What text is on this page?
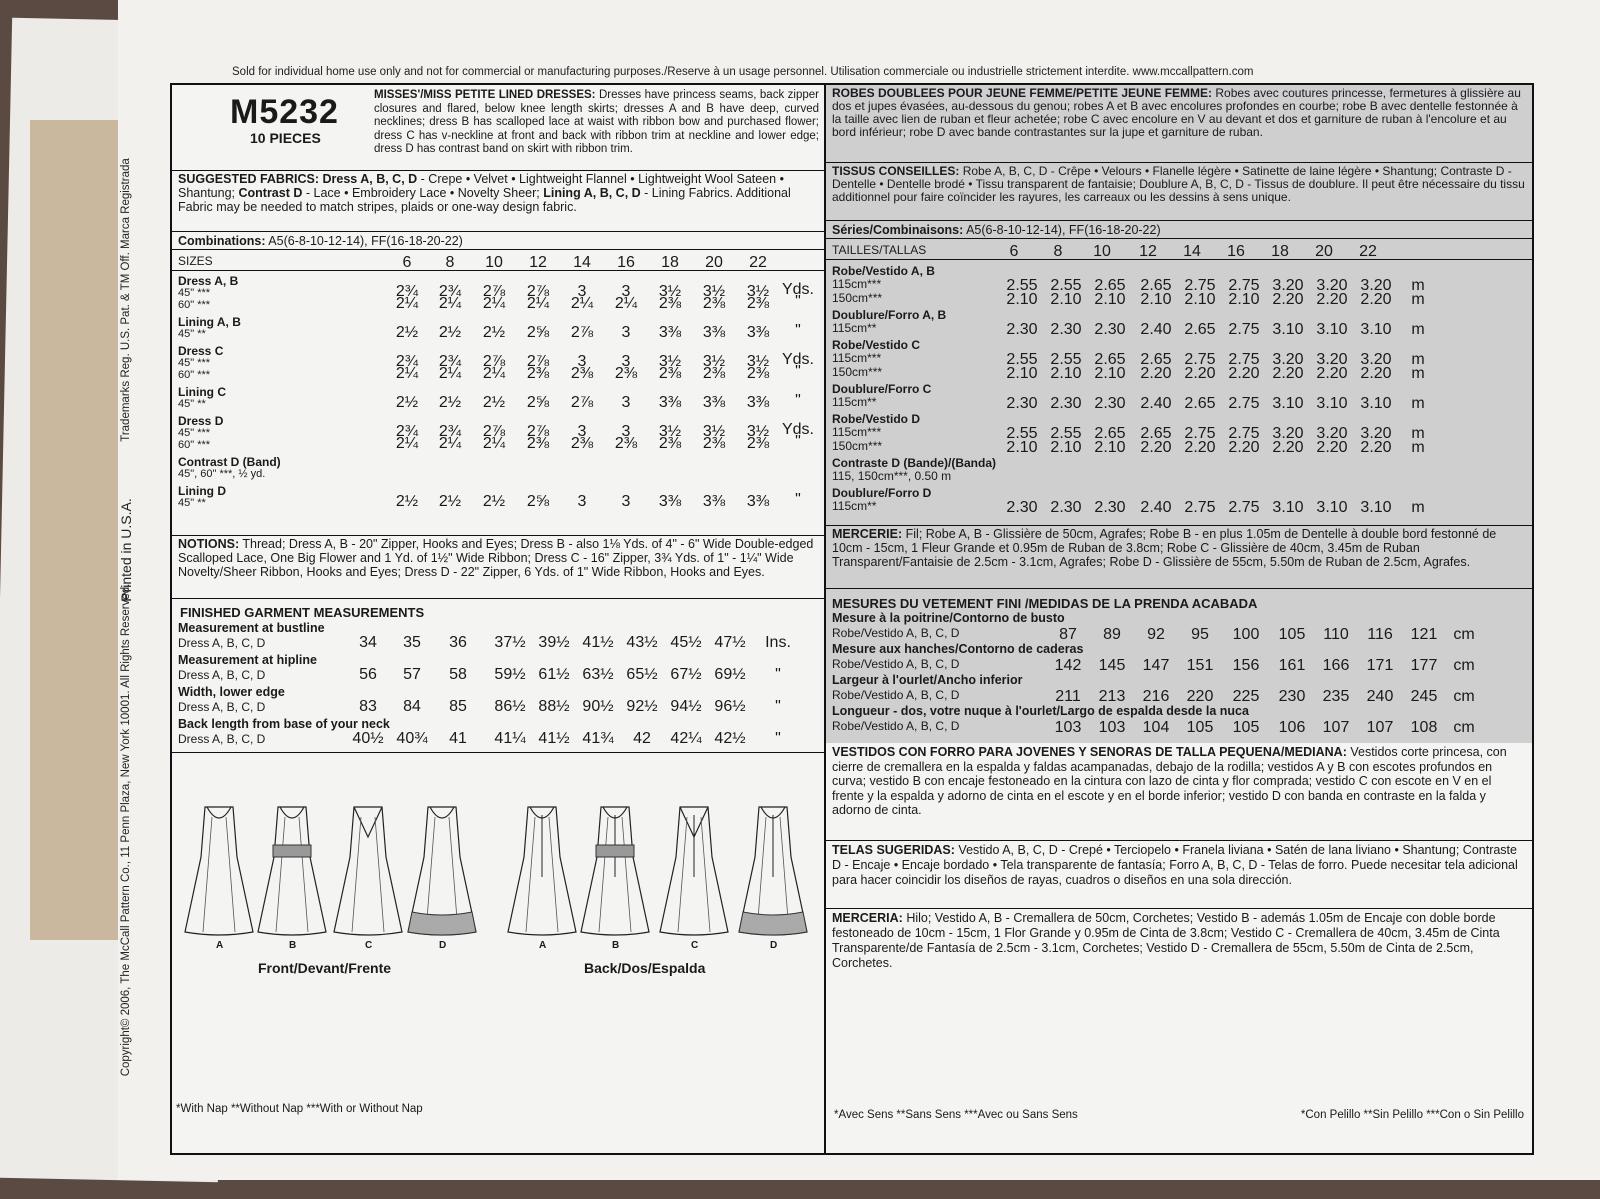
Sold for individual home use only and not for commercial or manufacturing purposes./Reserve à un usage personnel. Utilisation commerciale ou industrielle strictement interdite. www.mccallpattern.com
Copyright© 2006, The McCall Pattern Co., 11 Penn Plaza, New York 10001. All Rights Reserved.
Printed in U.S.A.
Trademarks Reg. U.S. Pat. & TM Off. Marca Registrada
M5232
10 PIECES
MISSES'/MISS PETITE LINED DRESSES: Dresses have princess seams, back zipper closures and flared, below knee length skirts; dresses A and B have deep, curved necklines; dress B has scalloped lace at waist with ribbon bow and purchased flower; dress C has v-neckline at front and back with ribbon trim at neckline and lower edge; dress D has contrast band on skirt with ribbon trim.
SUGGESTED FABRICS: Dress A, B, C, D - Crepe • Velvet • Lightweight Flannel • Lightweight Wool Sateen • Shantung; Contrast D - Lace • Embroidery Lace • Novelty Sheer; Lining A, B, C, D - Lining Fabrics. Additional Fabric may be needed to match stripes, plaids or one-way design fabric.
Combinations: A5(6-8-10-12-14), FF(16-18-20-22)
SIZES	6	8	10	12	14	16	18	20	22
Dress A, B
45" ***	2¾	2¾	2⅞	2⅞	3	3	3½	3½	3½ Yds.
60" ***	2¼	2¼	2¼	2¼	2¼	2¼	2⅜	2⅜	2⅜	"
Lining A, B
45" **	2½	2½	2½	2⅝	2⅞	3	3⅜	3⅜	3⅜	"
Dress C
45" ***	2¾	2¾	2⅞	2⅞	3	3	3½	3½	3½ Yds.
60" ***	2¼	2¼	2¼	2⅜	2⅜	2⅜	2⅜	2⅜	2⅜	"
Lining C
45" **	2½	2½	2½	2⅝	2⅞	3	3⅜	3⅜	3⅜	"
Dress D
45" ***	2¾	2¾	2⅞	2⅞	3	3	3½	3½	3½ Yds.
60" ***	2¼	2¼	2¼	2⅜	2⅜	2⅜	2⅜	2⅜	2⅜	"
Contrast D (Band)
45", 60" ***, ½ yd.
Lining D
45" **	2½	2½	2½	2⅝	3	3	3⅜	3⅜	3⅜	"
NOTIONS: Thread; Dress A, B - 20" Zipper, Hooks and Eyes; Dress B - also 1⅛ Yds. of 4" - 6" Wide Double-edged Scalloped Lace, One Big Flower and 1 Yd. of 1½" Wide Ribbon; Dress C - 16" Zipper, 3¾ Yds. of 1" - 1¼" Wide Novelty/Sheer Ribbon, Hooks and Eyes; Dress D - 22" Zipper, 6 Yds. of 1" Wide Ribbon, Hooks and Eyes.
FINISHED GARMENT MEASUREMENTS
Measurement at bustline
Dress A, B, C, D	34	35	36	37½ 39½ 41½ 43½ 45½ 47½	Ins.
Measurement at hipline
Dress A, B, C, D	56	57	58	59½ 61½ 63½ 65½ 67½ 69½	"
Width, lower edge
Dress A, B, C, D	83	84	85	86½ 88½ 90½ 92½ 94½ 96½	"
Back length from base of your neck
Dress A, B, C, D	40½ 40¾	41	41¼ 41½ 41¾	42	42¼ 42½	"
A	B	C	D	A	B	C	D
Front/Devant/Frente	Back/Dos/Espalda
*With Nap **Without Nap ***With or Without Nap
ROBES DOUBLEES POUR JEUNE FEMME/PETITE JEUNE FEMME: Robes avec coutures princesse, fermetures à glissière au dos et jupes évasées, au-dessous du genou; robes A et B avec encolures profondes en courbe; robe B avec dentelle festonnée à la taille avec lien de ruban et fleur achetée; robe C avec encolure en V au devant et dos et garniture de ruban à l'encolure et au bord inférieur; robe D avec bande contrastantes sur la jupe et garniture de ruban.
TISSUS CONSEILLES: Robe A, B, C, D - Crêpe • Velours • Flanelle légère • Satinette de laine légère • Shantung; Contraste D - Dentelle • Dentelle brodé • Tissu transparent de fantaisie; Doublure A, B, C, D - Tissus de doublure. Il peut être nécessaire du tissu additionnel pour faire coïncider les rayures, les carreaux ou les dessins à sens unique.
Séries/Combinaisons: A5(6-8-10-12-14), FF(16-18-20-22)
TAILLES/TALLAS	6	8	10	12	14	16	18	20	22
Robe/Vestido A, B
115cm***	2.55 2.55 2.65 2.65 2.75 2.75 3.20 3.20 3.20	m
150cm***	2.10 2.10 2.10 2.10 2.10 2.10 2.20 2.20 2.20	m
Doublure/Forro A, B
115cm**	2.30 2.30 2.30 2.40 2.65 2.75 3.10 3.10 3.10	m
Robe/Vestido C
115cm***	2.55 2.55 2.65 2.65 2.75 2.75 3.20 3.20 3.20	m
150cm***	2.10 2.10 2.10 2.20 2.20 2.20 2.20 2.20 2.20	m
Doublure/Forro C
115cm**	2.30 2.30 2.30 2.40 2.65 2.75 3.10 3.10 3.10	m
Robe/Vestido D
115cm***	2.55 2.55 2.65 2.65 2.75 2.75 3.20 3.20 3.20	m
150cm***	2.10 2.10 2.10 2.20 2.20 2.20 2.20 2.20 2.20	m
Contraste D (Bande)/(Banda)
115, 150cm***, 0.50 m
Doublure/Forro D
115cm**	2.30 2.30 2.30 2.40 2.75 2.75 3.10 3.10 3.10	m
MERCERIE: Fil; Robe A, B - Glissière de 50cm, Agrafes; Robe B - en plus 1.05m de Dentelle à double bord festonné de 10cm - 15cm, 1 Fleur Grande et 0.95m de Ruban de 3.8cm; Robe C - Glissière de 40cm, 3.45m de Ruban Transparent/Fantaisie de 2.5cm - 3.1cm, Agrafes; Robe D - Glissière de 55cm, 5.50m de Ruban de 2.5cm, Agrafes.
MESURES DU VETEMENT FINI /MEDIDAS DE LA PRENDA ACABADA
Mesure à la poitrine/Contorno de busto
Robe/Vestido A, B, C, D	87	89	92	95	100	105	110	116	121 cm
Mesure aux hanches/Contorno de caderas
Robe/Vestido A, B, C, D	142	145	147	151	156	161	166	171	177 cm
Largeur à l'ourlet/Ancho inferior
Robe/Vestido A, B, C, D	211	213	216	220	225	230	235	240	245 cm
Longueur - dos, votre nuque à l'ourlet/Largo de espalda desde la nuca
Robe/Vestido A, B, C, D	103	103	104	105	105	106	107	107	108 cm
VESTIDOS CON FORRO PARA JOVENES Y SENORAS DE TALLA PEQUENA/MEDIANA: Vestidos corte princesa, con cierre de cremallera en la espalda y faldas acampanadas, debajo de la rodilla; vestidos A y B con escotes profundos en curva; vestido B con encaje festoneado en la cintura con lazo de cinta y flor comprada; vestido C con escote en V en el frente y la espalda y adorno de cinta en el escote y en el borde inferior; vestido D con banda en contraste en la falda y adorno de cinta.
TELAS SUGERIDAS: Vestido A, B, C, D - Crepé • Terciopelo • Franela liviana • Satén de lana liviano • Shantung; Contraste D - Encaje • Encaje bordado • Tela transparente de fantasía; Forro A, B, C, D - Telas de forro. Puede necesitar tela adicional para hacer coincidir los diseños de rayas, cuadros o diseños en una sola dirección.
MERCERIA: Hilo; Vestido A, B - Cremallera de 50cm, Corchetes; Vestido B - además 1.05m de Encaje con doble borde festoneado de 10cm - 15cm, 1 Flor Grande y 0.95m de Cinta de 3.8cm; Vestido C - Cremallera de 40cm, 3.45m de Cinta Transparente/de Fantasía de 2.5cm - 3.1cm, Corchetes; Vestido D - Cremallera de 55cm, 5.50m de Cinta de 2.5cm, Corchetes.
*Avec Sens **Sans Sens ***Avec ou Sans Sens	*Con Pelillo **Sin Pelillo ***Con o Sin Pelillo
